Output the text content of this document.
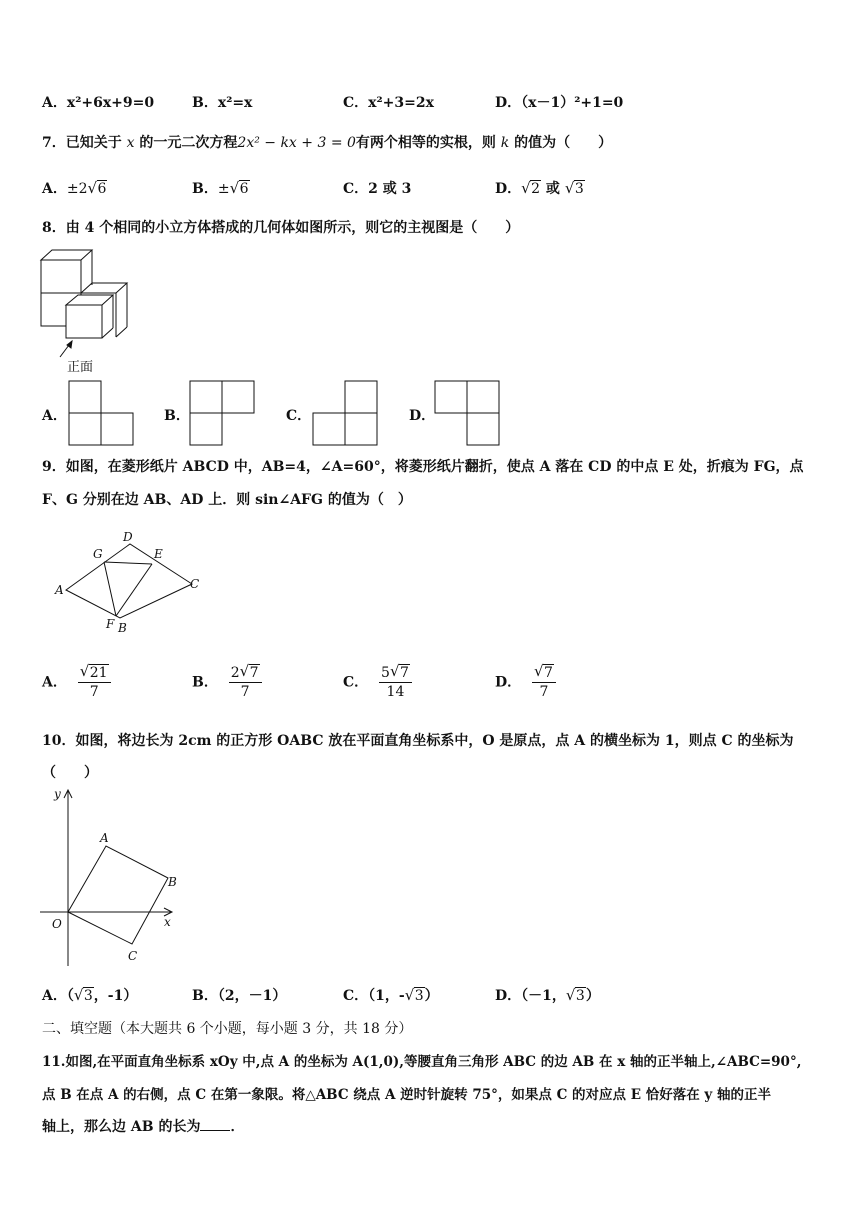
A．x²+6x+9=0	B．x²=x	C．x²+3=2x	D．（x－1）²+1=0
7．已知关于 x 的一元二次方程2x² − kx + 3 = 0有两个相等的实根，则 k 的值为（　　）
A．±2 √ 6	B．± √ 6	C．2 或 3	D． √ 2 或 √ 3
8．由 4 个相同的小立方体搭成的几何体如图所示，则它的主视图是（　　）
正面
A．	B．	C．	D．
9．如图，在菱形纸片 ABCD 中，AB=4，∠A=60°，将菱形纸片翻折，使点 A 落在 CD 的中点 E 处，折痕为 FG，点
F、G 分别在边 AB、AD 上．则 sin∠AFG 的值为（　）
A
B
C
D
E
F
G
A． √ $\frac{21}{7}$	B． $\frac{2 √ 7}{7}$	C． $\frac{5 √ 7}{14}$	D． √ $\frac{7}{7}$
10．如图，将边长为 2cm 的正方形 OABC 放在平面直角坐标系中，O 是原点，点 A 的横坐标为 1，则点 C 的坐标为
（　　）
y
A
B
O	x
C
A．（ √ 3，-1）	B．（2，－1）	C．（1，- √ 3）	D．（－1， √ 3）
二、填空题（本大题共 6 个小题，每小题 3 分，共 18 分）
11.如图,在平面直角坐标系 xOy 中,点 A 的坐标为 A(1,0),等腰直角三角形 ABC 的边 AB 在 x 轴的正半轴上,∠ABC=90°,
点 B 在点 A 的右侧，点 C 在第一象限。将△ABC 绕点 A 逆时针旋转 75°，如果点 C 的对应点 E 恰好落在 y 轴的正半
轴上，那么边 AB 的长为 ．
